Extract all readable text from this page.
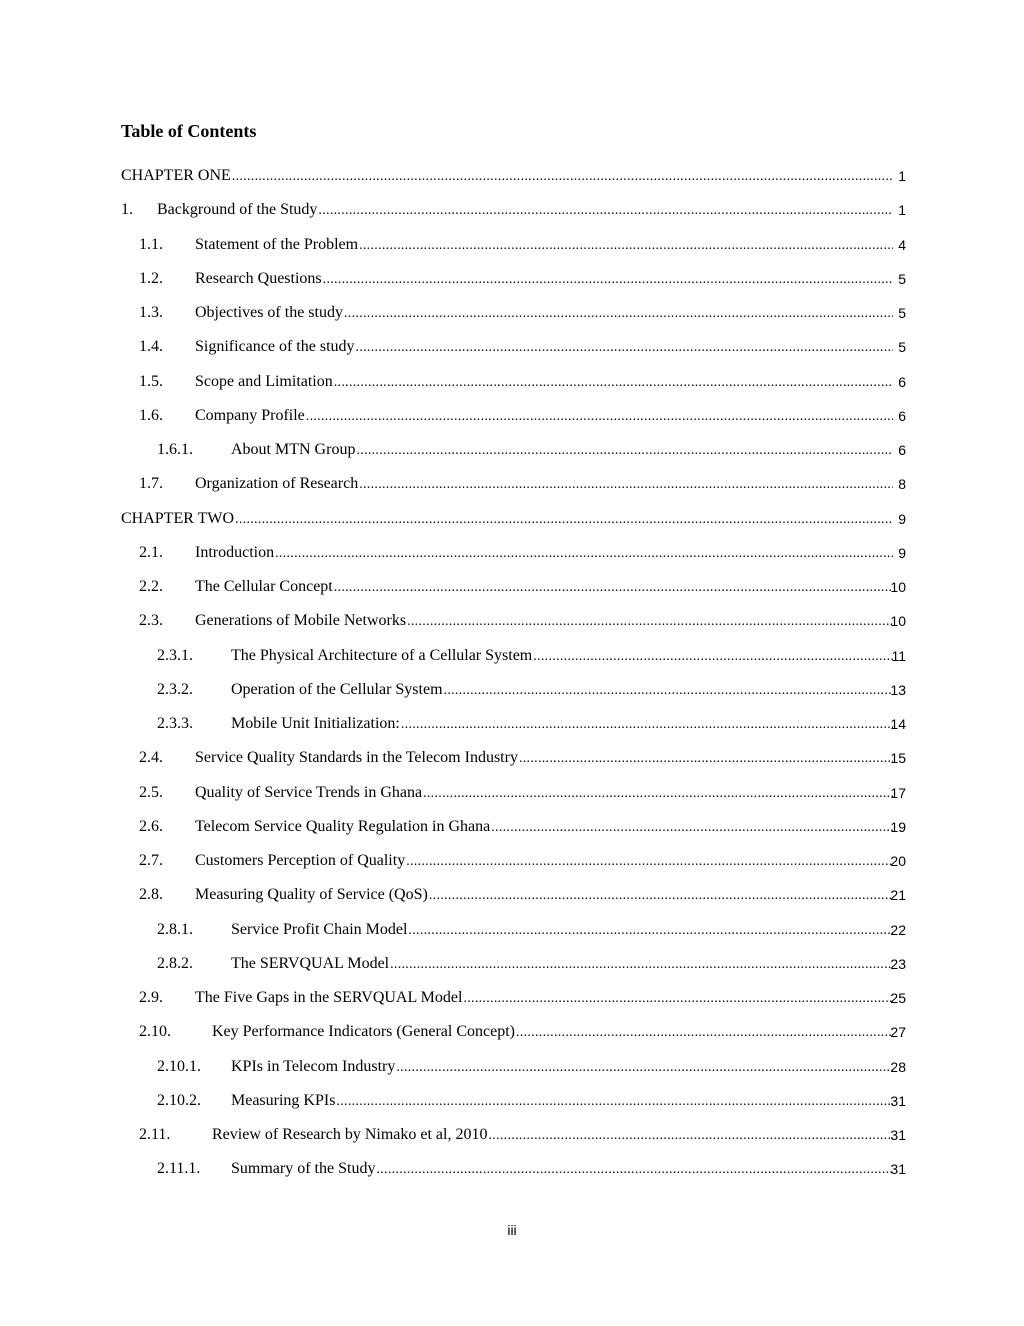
Table of Contents
CHAPTER ONE .....	1
1. Background of the Study .....	1
1.1. Statement of the Problem .....	4
1.2. Research Questions .....	5
1.3. Objectives of the study .....	5
1.4. Significance of the study .....	5
1.5. Scope and Limitation .....	6
1.6. Company Profile .....	6
1.6.1. About MTN Group .....	6
1.7. Organization of Research .....	8
CHAPTER TWO .....	9
2.1. Introduction .....	9
2.2. The Cellular Concept .....	10
2.3. Generations of Mobile Networks .....	10
2.3.1. The Physical Architecture of a Cellular System .....	11
2.3.2. Operation of the Cellular System .....	13
2.3.3. Mobile Unit Initialization: .....	14
2.4. Service Quality Standards in the Telecom Industry .....	15
2.5. Quality of Service Trends in Ghana .....	17
2.6. Telecom Service Quality Regulation in Ghana .....	19
2.7. Customers Perception of Quality .....	20
2.8. Measuring Quality of Service (QoS) .....	21
2.8.1. Service Profit Chain Model .....	22
2.8.2. The SERVQUAL Model .....	23
2.9. The Five Gaps in the SERVQUAL Model .....	25
2.10.	Key Performance Indicators (General Concept) .....	27
2.10.1. KPIs in Telecom Industry .....	28
2.10.2. Measuring KPIs .....	31
2.11.	Review of Research by Nimako et al, 2010 .....	31
2.11.1. Summary of the Study .....	31
iii
